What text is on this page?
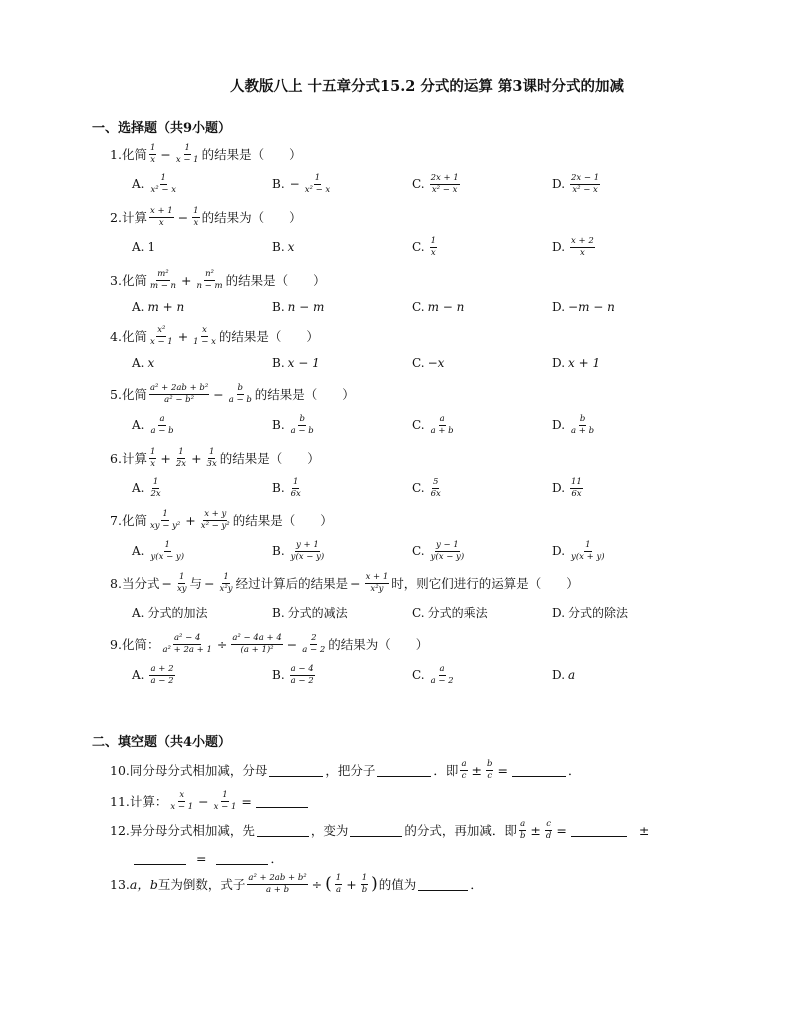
人教版八上 十五章分式15.2 分式的运算 第3课时分式的加减
一、选择题（共9小题）
1. 化简 $\frac{1}{x} - \frac{1}{x - 1}$ 的结果是（　　）
A. $\frac{1}{\text{x² − x}}$	B. − $\frac{1}{\text{x² − x}}$	C. $\frac{2x + 1}{\text{x² − x}}$	D. $\frac{2x - 1}{\text{x² − x}}$
2. 计算 $\frac{x + 1}{x} - \frac{1}{x}$ 的结果为（　　）
A. 1	B. x	C. $\frac{1}{x}$	D. $\frac{x + 2}{x}$
3. 化简 $\frac{\text{m²}}{m - n} + \frac{\text{n²}}{n - m}$ 的结果是（　　）
A. m + n	B. n − m	C. m − n	D. −m − n
4. 化简 $\frac{\text{x²}}{x - 1} + \frac{x}{1 - x}$ 的结果是（　　）
A. x	B. x − 1	C. −x	D. x + 1
5. 化简 $\frac{\text{a² + 2ab + b²}}{\text{a² − b²}} - \frac{b}{a - b}$ 的结果是（　　）
A. $\frac{a}{a - b}$	B. $\frac{b}{a - b}$	C. $\frac{a}{a + b}$	D. $\frac{b}{a + b}$
6. 计算 $\frac{1}{x} + \frac{1}{2x} + \frac{1}{3x}$ 的结果是（　　）
A. $\frac{1}{2x}$	B. $\frac{1}{6x}$	C. $\frac{5}{6x}$	D. $\frac{11}{6x}$
7. 化简 $\frac{1}{\text{xy − y²}} + \frac{x + y}{\text{x² − y²}}$ 的结果是（　　）
A. $\frac{1}{y(x - y)}$	B. $\frac{y + 1}{y(x - y)}$	C. $\frac{y - 1}{y(x - y)}$	D. $\frac{1}{y(x + y)}$
8. 当分式 − $\frac{1}{xy}$ 与 − $\frac{1}{\text{x²y}}$ 经过计算后的结果是 − $\frac{x + 1}{\text{x²y}}$ 时，则它们进行的运算是（　　）
A. 分式的加法	B. 分式的减法	C. 分式的乘法	D. 分式的除法
9. 化简： $\frac{\text{a² − 4}}{\text{a² + 2a + 1}} \div \frac{\text{a² − 4a + 4}}{\text{(a + 1)²}} - \frac{2}{a - 2}$ 的结果为（　　）
A. $\frac{a + 2}{a - 2}$	B. $\frac{a - 4}{a - 2}$	C. $\frac{a}{a - 2}$	D. a
二、填空题（共4小题）
10. 同分母分式相加减，分母	，把分子	．即 $\frac{a}{c} \pm \frac{b}{c}$ =	．
11. 计算： $\frac{x}{x - 1} - \frac{1}{x - 1}$ =
12. 异分母分式相加减，先	，变为	的分式，再加减．即 $\frac{a}{b} \pm \frac{c}{d}$ =	±
=	．
13. a，b 互为倒数，式子 $\frac{\text{a² + 2ab + b²}}{a + b}$ ÷ ( $\frac{1}{a} + \frac{1}{b}$ ) 的值为	．
